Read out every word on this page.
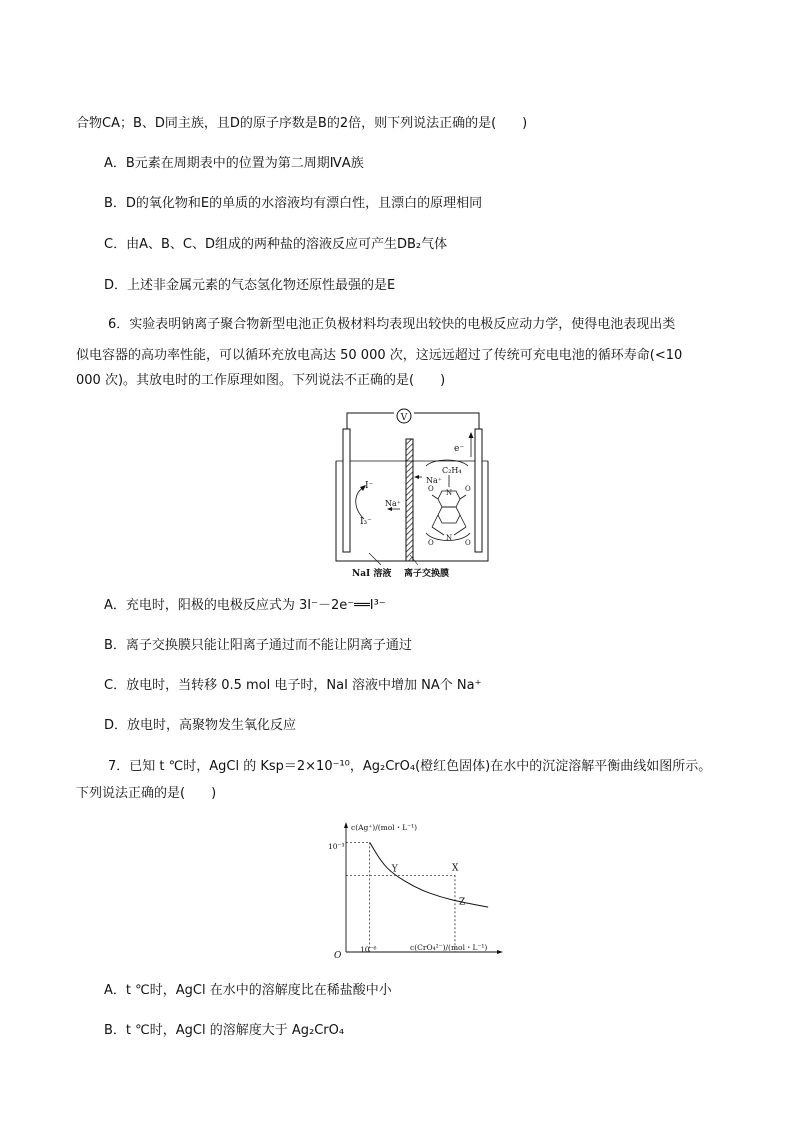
合物CA；B、D同主族，且D的原子序数是B的2倍，则下列说法正确的是(　　)
A．B元素在周期表中的位置为第二周期ⅣA族
B．D的氧化物和E的单质的水溶液均有漂白性，且漂白的原理相同
C．由A、B、C、D组成的两种盐的溶液反应可产生DB₂气体
D．上述非金属元素的气态氢化物还原性最强的是E
6．实验表明钠离子聚合物新型电池正负极材料均表现出较快的电极反应动力学，使得电池表现出类
似电容器的高功率性能，可以循环充放电高达 50 000 次，这远远超过了传统可充电电池的循环寿命(<10
000 次)。其放电时的工作原理如图。下列说法不正确的是(　　)
V
e⁻
I⁻
Na⁺
I₃⁻
C₂H₄
Na⁺
O N O
O
N
O
NaI 溶液 离子交换膜
A．充电时，阳极的电极反应式为 3I⁻－2e⁻══I³⁻
B．离子交换膜只能让阳离子通过而不能让阴离子通过
C．放电时，当转移 0.5 mol 电子时，NaI 溶液中增加 NA个 Na⁺
D．放电时，高聚物发生氧化反应
7．已知 t ℃时，AgCl 的 Ksp＝2×10⁻¹⁰，Ag₂CrO₄(橙红色固体)在水中的沉淀溶解平衡曲线如图所示。
下列说法正确的是(　　)
c(Ag⁺)/(mol・L⁻¹)
c(CrO₄²⁻)/(mol・L⁻¹)
O
10⁻³
10⁻⁶
Y	X
Z
A．t ℃时，AgCl 在水中的溶解度比在稀盐酸中小
B．t ℃时，AgCl 的溶解度大于 Ag₂CrO₄
